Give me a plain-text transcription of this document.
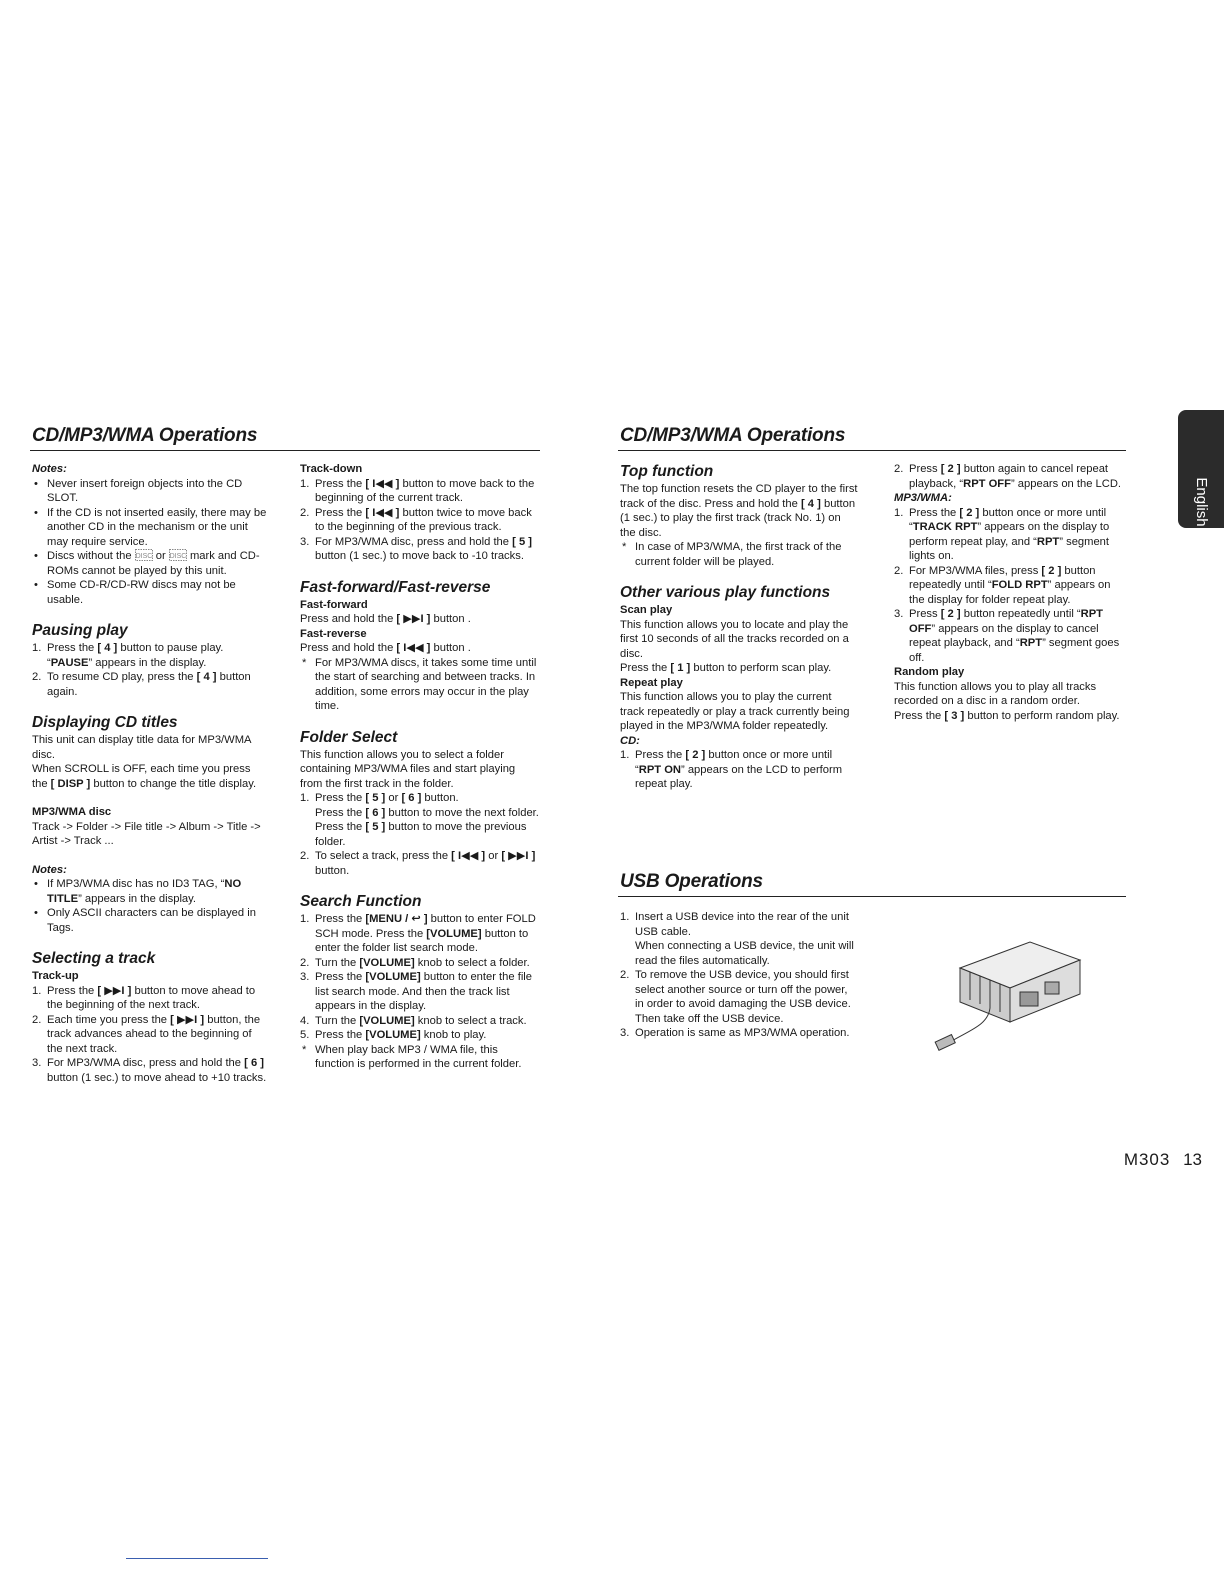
CD/MP3/WMA Operations	CD/MP3/WMA Operations
English

Notes:

• Never insert foreign objects into the CD SLOT.
• If the CD is not inserted easily, there may be another CD in the mechanism or the unit may require service.
• Discs without the DISC or DISC mark and CD-ROMs cannot be played by this unit.
• Some CD-R/CD-RW discs may not be usable.

Pausing play

1. Press the [ 4 ] button to pause play.
“PAUSE” appears in the display.
2. To resume CD play, press the [ 4 ] button again.

Displaying CD titles

This unit can display title data for MP3/WMA disc.

When SCROLL is OFF, each time you press the [ DISP ] button to change the title display.

MP3/WMA disc

Track -> Folder -> File title -> Album -> Title -> Artist -> Track ...

Notes:

• If MP3/WMA disc has no ID3 TAG, “NO TITLE” appears in the display.
• Only ASCII characters can be displayed in Tags.

Selecting a track

Track-up

1. Press the [ ▶▶I ] button to move ahead to the beginning of the next track.
2. Each time you press the [ ▶▶I ] button, the track advances ahead to the beginning of the next track.
3. For MP3/WMA disc, press and hold the [ 6 ] button (1 sec.) to move ahead to +10 tracks.

Track-down

1. Press the [ I◀◀ ] button to move back to the beginning of the current track.
2. Press the [ I◀◀ ] button twice to move back to the beginning of the previous track.
3. For MP3/WMA disc, press and hold the [ 5 ] button (1 sec.) to move back to -10 tracks.

Fast-forward/Fast-reverse

Fast-forward

Press and hold the [ ▶▶I ] button .

Fast-reverse

Press and hold the [ I◀◀ ] button .

* For MP3/WMA discs, it takes some time until the start of searching and between tracks. In addition, some errors may occur in the play time.

Folder Select

This function allows you to select a folder containing MP3/WMA files and start playing from the first track in the folder.

1. Press the [ 5 ] or [ 6 ] button.
Press the [ 6 ] button to move the next folder. Press the [ 5 ] button to move the previous folder.
2. To select a track, press the [ I◀◀ ] or [ ▶▶I ] button.

Search Function

1. Press the [MENU / ↩ ] button to enter FOLD SCH mode. Press the [VOLUME] button to enter the folder list search mode.
2. Turn the [VOLUME] knob to select a folder.
3. Press the [VOLUME] button to enter the file list search mode. And then the track list appears in the display.
4. Turn the [VOLUME] knob to select a track.
5. Press the [VOLUME] knob to play.

* When play back MP3 / WMA file, this function is performed in the current folder.

Top function

The top function resets the CD player to the first track of the disc. Press and hold the [ 4 ] button (1 sec.) to play the first track (track No. 1) on the disc.

* In case of MP3/WMA, the first track of the current folder will be played.

Other various play functions

Scan play

This function allows you to locate and play the first 10 seconds of all the tracks recorded on a disc.

Press the [ 1 ] button to perform scan play.

Repeat play

This function allows you to play the current track repeatedly or play a track currently being played in the MP3/WMA folder repeatedly.

CD:

1. Press the [ 2 ] button once or more until “RPT ON” appears on the LCD to perform repeat play.
2. Press [ 2 ] button again to cancel repeat playback, “RPT OFF” appears on the LCD.

MP3/WMA:

1. Press the [ 2 ] button once or more until “TRACK RPT” appears on the display to perform repeat play, and “RPT” segment lights on.
2. For MP3/WMA files, press [ 2 ] button repeatedly until “FOLD RPT” appears on the display for folder repeat play.
3. Press [ 2 ] button repeatedly until “RPT OFF” appears on the display to cancel repeat playback, and “RPT” segment goes off.

Random play

This function allows you to play all tracks recorded on a disc in a random order.

Press the [ 3 ] button to perform random play.

USB Operations
1. Insert a USB device into the rear of the unit USB cable.
When connecting a USB device, the unit will read the files automatically.
2. To remove the USB device, you should first select another source or turn off the power, in order to avoid damaging the USB device. Then take off the USB device.
3. Operation is same as MP3/WMA operation.
M303 13
